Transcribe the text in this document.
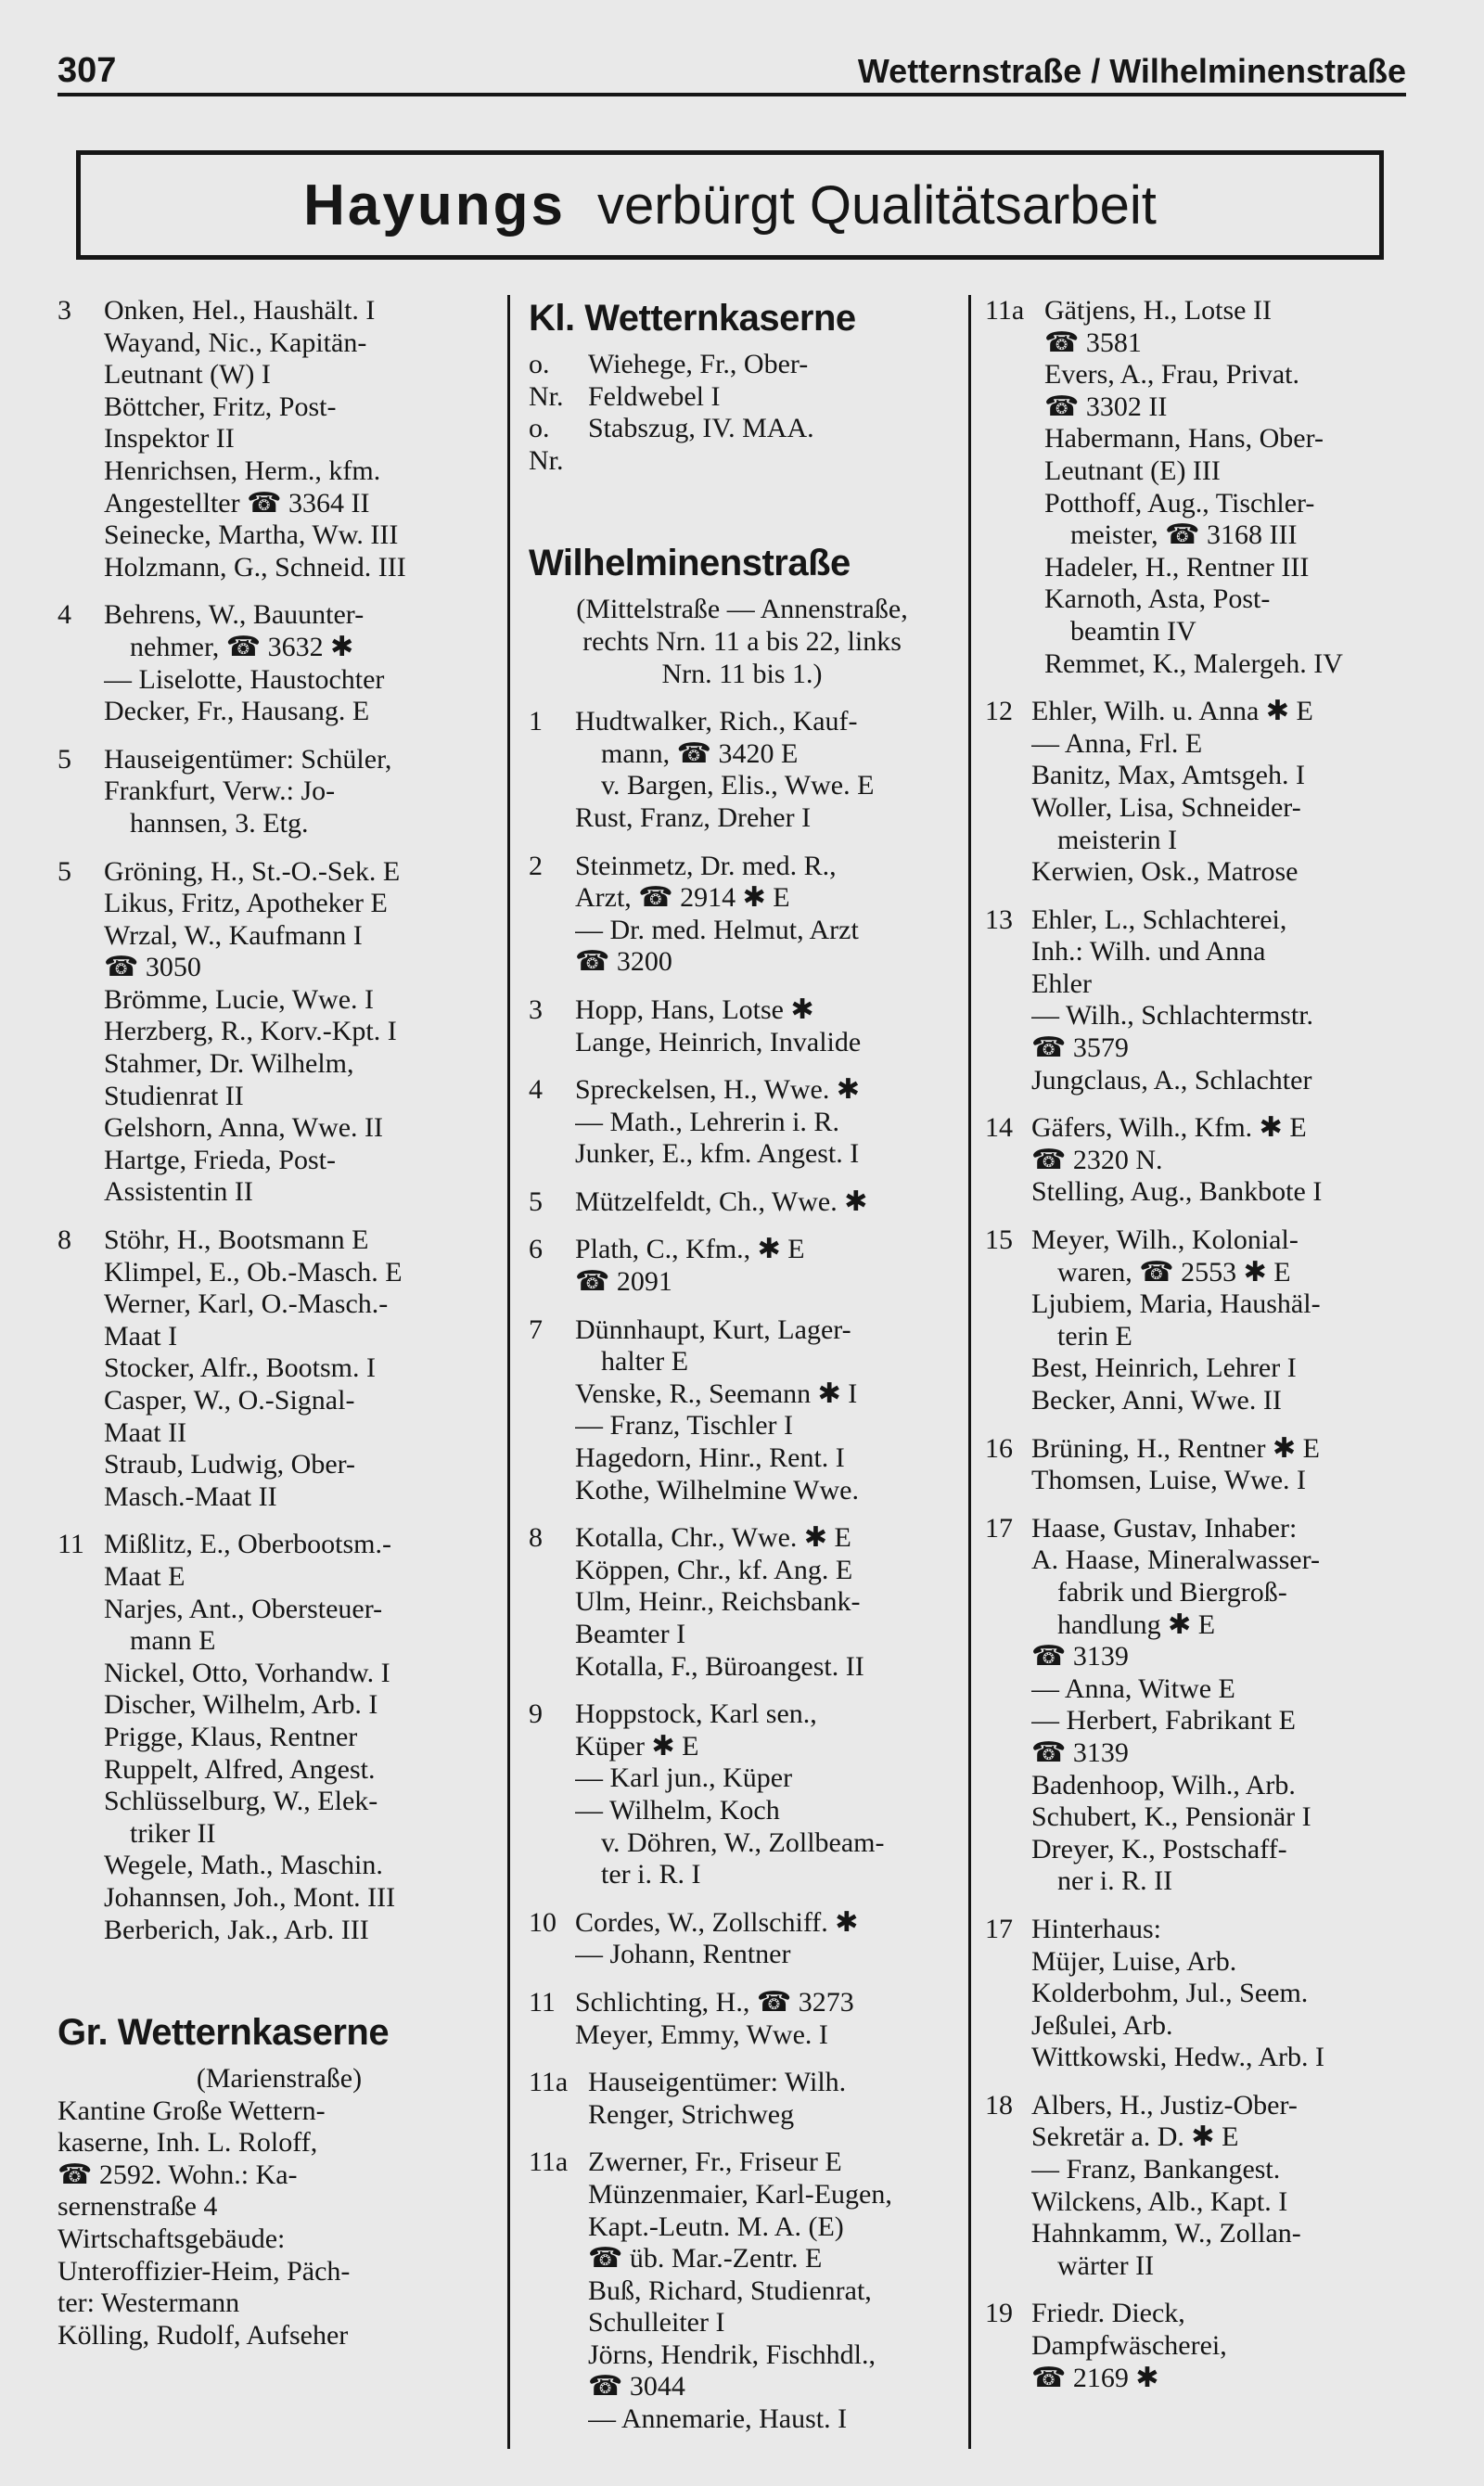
307	Wetternstraße / Wilhelminenstraße
Hayungs verbürgt Qualitätsarbeit
3	Onken, Hel., Haushält. I
Wayand, Nic., Kapitän-
Leutnant (W) I
Böttcher, Fritz, Post-
Inspektor II
Henrichsen, Herm., kfm.
Angestellter ☎ 3364 II
Seinecke, Martha, Ww. III
Holzmann, G., Schneid. III
4	Behrens, W., Bauunter-
nehmer, ☎ 3632 ✱
— Liselotte, Haustochter
Decker, Fr., Hausang. E
5	Hauseigentümer: Schüler,
Frankfurt, Verw.: Jo-
hannsen, 3. Etg.
5	Gröning, H., St.-O.-Sek. E
Likus, Fritz, Apotheker E
Wrzal, W., Kaufmann I
☎ 3050
Brömme, Lucie, Wwe. I
Herzberg, R., Korv.-Kpt. I
Stahmer, Dr. Wilhelm,
Studienrat II
Gelshorn, Anna, Wwe. II
Hartge, Frieda, Post-
Assistentin II
8	Stöhr, H., Bootsmann E
Klimpel, E., Ob.-Masch. E
Werner, Karl, O.-Masch.-
Maat I
Stocker, Alfr., Bootsm. I
Casper, W., O.-Signal-
Maat II
Straub, Ludwig, Ober-
Masch.-Maat II
11 Mißlitz, E., Oberbootsm.-
Maat E
Narjes, Ant., Obersteuer-
mann E
Nickel, Otto, Vorhandw. I
Discher, Wilhelm, Arb. I
Prigge, Klaus, Rentner
Ruppelt, Alfred, Angest.
Schlüsselburg, W., Elek-
triker II
Wegele, Math., Maschin.
Johannsen, Joh., Mont. III
Berberich, Jak., Arb. III
Gr. Wetternkaserne
(Marienstraße)
Kantine Große Wettern-
kaserne, Inh. L. Roloff,
☎ 2592. Wohn.: Ka-
sernenstraße 4
Wirtschaftsgebäude:
Unteroffizier-Heim, Päch-
ter: Westermann
Kölling, Rudolf, Aufseher
Kl. Wetternkaserne
o. Nr.
Wiehege, Fr., Ober-
Feldwebel I
o. Nr.
Stabszug, IV. MAA.
Wilhelminenstraße
(Mittelstraße — Annenstraße,
rechts Nrn. 11 a bis 22, links
Nrn. 11 bis 1.)
1	Hudtwalker, Rich., Kauf-
mann, ☎ 3420 E
v. Bargen, Elis., Wwe. E
Rust, Franz, Dreher I
2	Steinmetz, Dr. med. R.,
Arzt, ☎ 2914 ✱ E
— Dr. med. Helmut, Arzt
☎ 3200
3	Hopp, Hans, Lotse ✱
Lange, Heinrich, Invalide
4	Spreckelsen, H., Wwe. ✱
— Math., Lehrerin i. R.
Junker, E., kfm. Angest. I
5	Mützelfeldt, Ch., Wwe. ✱
6	Plath, C., Kfm., ✱ E
☎ 2091
7	Dünnhaupt, Kurt, Lager-
halter E
Venske, R., Seemann ✱ I
— Franz, Tischler I
Hagedorn, Hinr., Rent. I
Kothe, Wilhelmine Wwe.
8	Kotalla, Chr., Wwe. ✱ E
Köppen, Chr., kf. Ang. E
Ulm, Heinr., Reichsbank-
Beamter I
Kotalla, F., Büroangest. II
9	Hoppstock, Karl sen.,
Küper ✱ E
— Karl jun., Küper
— Wilhelm, Koch
v. Döhren, W., Zollbeam-
ter i. R. I
10 Cordes, W., Zollschiff. ✱
— Johann, Rentner
11 Schlichting, H., ☎ 3273
Meyer, Emmy, Wwe. I
11a Hauseigentümer: Wilh.
Renger, Strichweg
11a Zwerner, Fr., Friseur E
Münzenmaier, Karl-Eugen,
Kapt.-Leutn. M. A. (E)
☎ üb. Mar.-Zentr. E
Buß, Richard, Studienrat,
Schulleiter I
Jörns, Hendrik, Fischhdl.,
☎ 3044
— Annemarie, Haust. I
11a Gätjens, H., Lotse II
☎ 3581
Evers, A., Frau, Privat.
☎ 3302 II
Habermann, Hans, Ober-
Leutnant (E) III
Potthoff, Aug., Tischler-
meister, ☎ 3168 III
Hadeler, H., Rentner III
Karnoth, Asta, Post-
beamtin IV
Remmet, K., Malergeh. IV
12 Ehler, Wilh. u. Anna ✱ E
— Anna, Frl. E
Banitz, Max, Amtsgeh. I
Woller, Lisa, Schneider-
meisterin I
Kerwien, Osk., Matrose
13 Ehler, L., Schlachterei,
Inh.: Wilh. und Anna
Ehler
— Wilh., Schlachtermstr.
☎ 3579
Jungclaus, A., Schlachter
14 Gäfers, Wilh., Kfm. ✱ E
☎ 2320 N.
Stelling, Aug., Bankbote I
15 Meyer, Wilh., Kolonial-
waren, ☎ 2553 ✱ E
Ljubiem, Maria, Haushäl-
terin E
Best, Heinrich, Lehrer I
Becker, Anni, Wwe. II
16 Brüning, H., Rentner ✱ E
Thomsen, Luise, Wwe. I
17 Haase, Gustav, Inhaber:
A. Haase, Mineralwasser-
fabrik und Biergroß-
handlung ✱ E
☎ 3139
— Anna, Witwe E
— Herbert, Fabrikant E
☎ 3139
Badenhoop, Wilh., Arb.
Schubert, K., Pensionär I
Dreyer, K., Postschaff-
ner i. R. II
17 Hinterhaus:
Müjer, Luise, Arb.
Kolderbohm, Jul., Seem.
Jeßulei, Arb.
Wittkowski, Hedw., Arb. I
18 Albers, H., Justiz-Ober-
Sekretär a. D. ✱ E
— Franz, Bankangest.
Wilckens, Alb., Kapt. I
Hahnkamm, W., Zollan-
wärter II
19 Friedr. Dieck,
Dampfwäscherei,
☎ 2169 ✱
